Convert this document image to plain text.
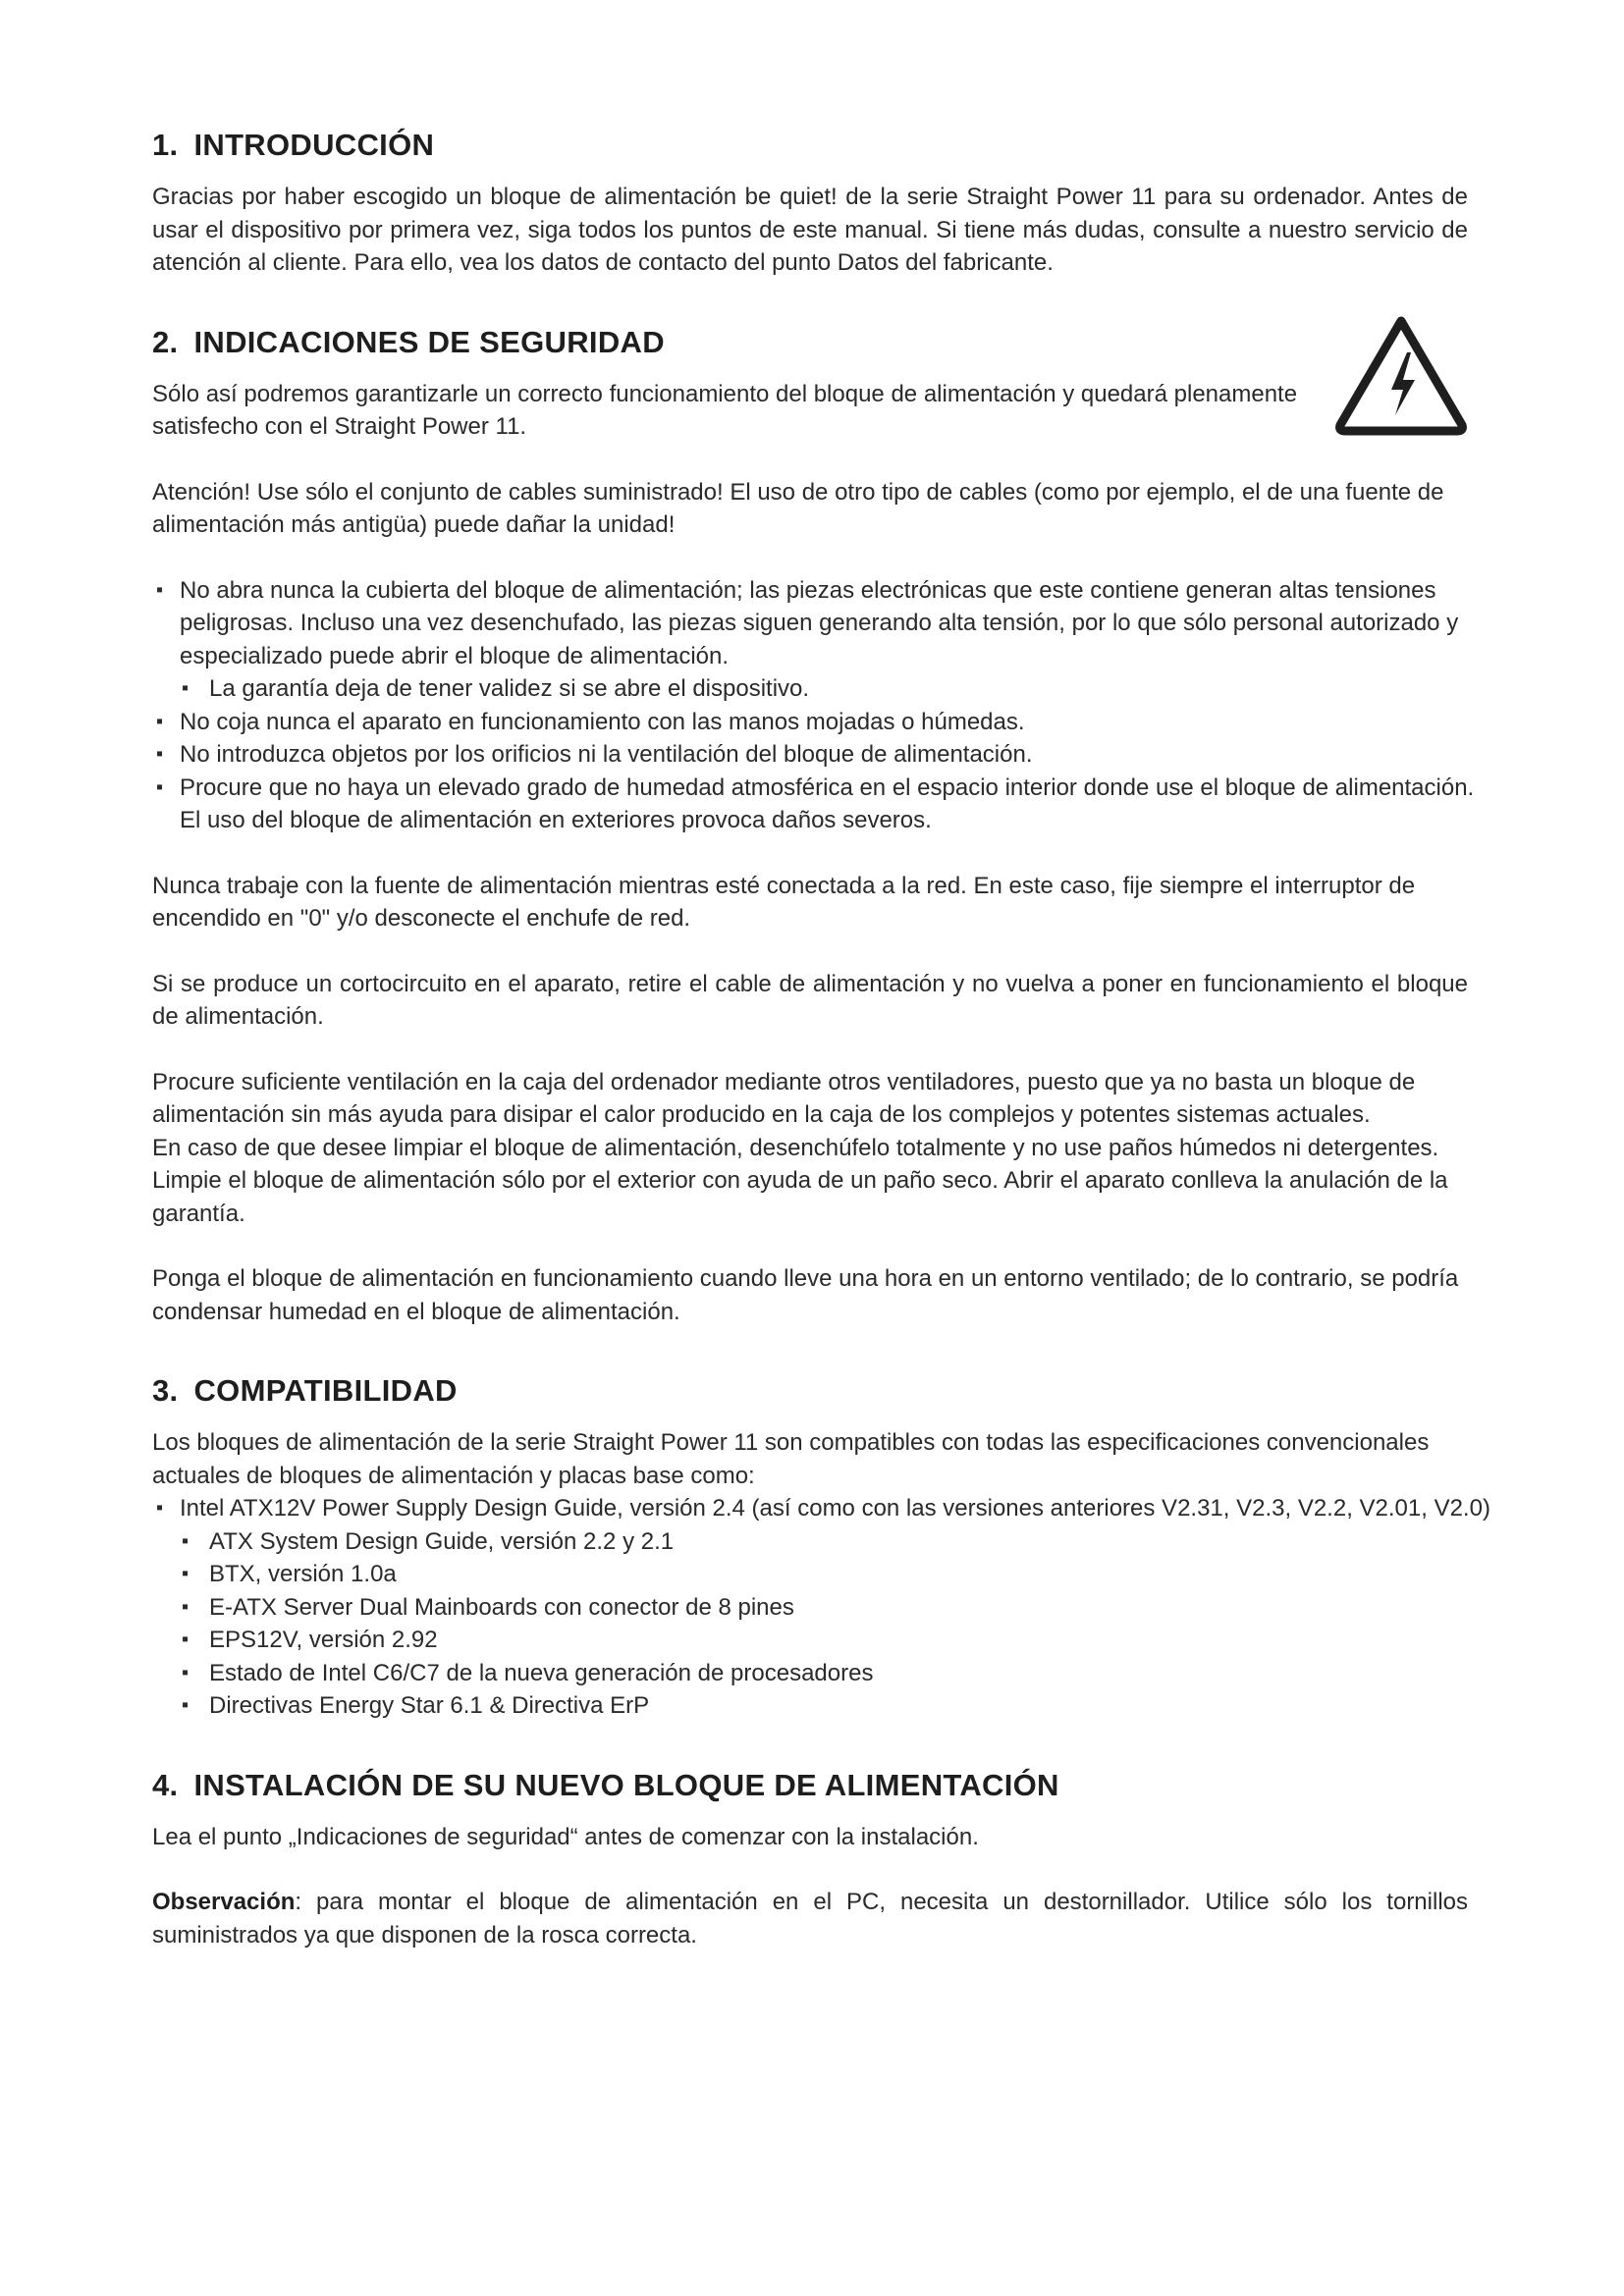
1. INTRODUCCIÓN

Gracias por haber escogido un bloque de alimentación be quiet! de la serie Straight Power 11 para su ordenador. Antes de usar el dispositivo por primera vez, siga todos los puntos de este manual. Si tiene más dudas, consulte a nuestro servicio de atención al cliente. Para ello, vea los datos de contacto del punto Datos del fabricante.

2. INDICACIONES DE SEGURIDAD

Sólo así podremos garantizarle un correcto funcionamiento del bloque de alimentación y quedará plenamente satisfecho con el Straight Power 11.

Atención! Use sólo el conjunto de cables suministrado! El uso de otro tipo de cables (como por ejemplo, el de una fuente de alimentación más antigüa) puede dañar la unidad!

▪ No abra nunca la cubierta del bloque de alimentación; las piezas electrónicas que este contiene generan altas tensiones peligrosas. Incluso una vez desenchufado, las piezas siguen generando alta tensión, por lo que sólo personal autorizado y especializado puede abrir el bloque de alimentación.
▪ La garantía deja de tener validez si se abre el dispositivo.
▪ No coja nunca el aparato en funcionamiento con las manos mojadas o húmedas.
▪ No introduzca objetos por los orificios ni la ventilación del bloque de alimentación.
▪ Procure que no haya un elevado grado de humedad atmosférica en el espacio interior donde use el bloque de alimentación. El uso del bloque de alimentación en exteriores provoca daños severos.

Nunca trabaje con la fuente de alimentación mientras esté conectada a la red. En este caso, fije siempre el interruptor de encendido en "0" y/o desconecte el enchufe de red.

Si se produce un cortocircuito en el aparato, retire el cable de alimentación y no vuelva a poner en funcionamiento el bloque de alimentación.

Procure suficiente ventilación en la caja del ordenador mediante otros ventiladores, puesto que ya no basta un bloque de alimentación sin más ayuda para disipar el calor producido en la caja de los complejos y potentes sistemas actuales.

En caso de que desee limpiar el bloque de alimentación, desenchúfelo totalmente y no use paños húmedos ni detergentes. Limpie el bloque de alimentación sólo por el exterior con ayuda de un paño seco. Abrir el aparato conlleva la anulación de la garantía.

Ponga el bloque de alimentación en funcionamiento cuando lleve una hora en un entorno ventilado; de lo contrario, se podría condensar humedad en el bloque de alimentación.

3. COMPATIBILIDAD

Los bloques de alimentación de la serie Straight Power 11 son compatibles con todas las especificaciones convencionales actuales de bloques de alimentación y placas base como:

▪ Intel ATX12V Power Supply Design Guide, versión 2.4 (así como con las versiones anteriores V2.31, V2.3, V2.2, V2.01, V2.0)
▪ ATX System Design Guide, versión 2.2 y 2.1
▪ BTX, versión 1.0a
▪ E-ATX Server Dual Mainboards con conector de 8 pines
▪ EPS12V, versión 2.92
▪ Estado de Intel C6/C7 de la nueva generación de procesadores
▪ Directivas Energy Star 6.1 & Directiva ErP
4. INSTALACIÓN DE SU NUEVO BLOQUE DE ALIMENTACIÓN

Lea el punto „Indicaciones de seguridad“ antes de comenzar con la instalación.

Observación: para montar el bloque de alimentación en el PC, necesita un destornillador. Utilice sólo los tornillos suministrados ya que disponen de la rosca correcta.
